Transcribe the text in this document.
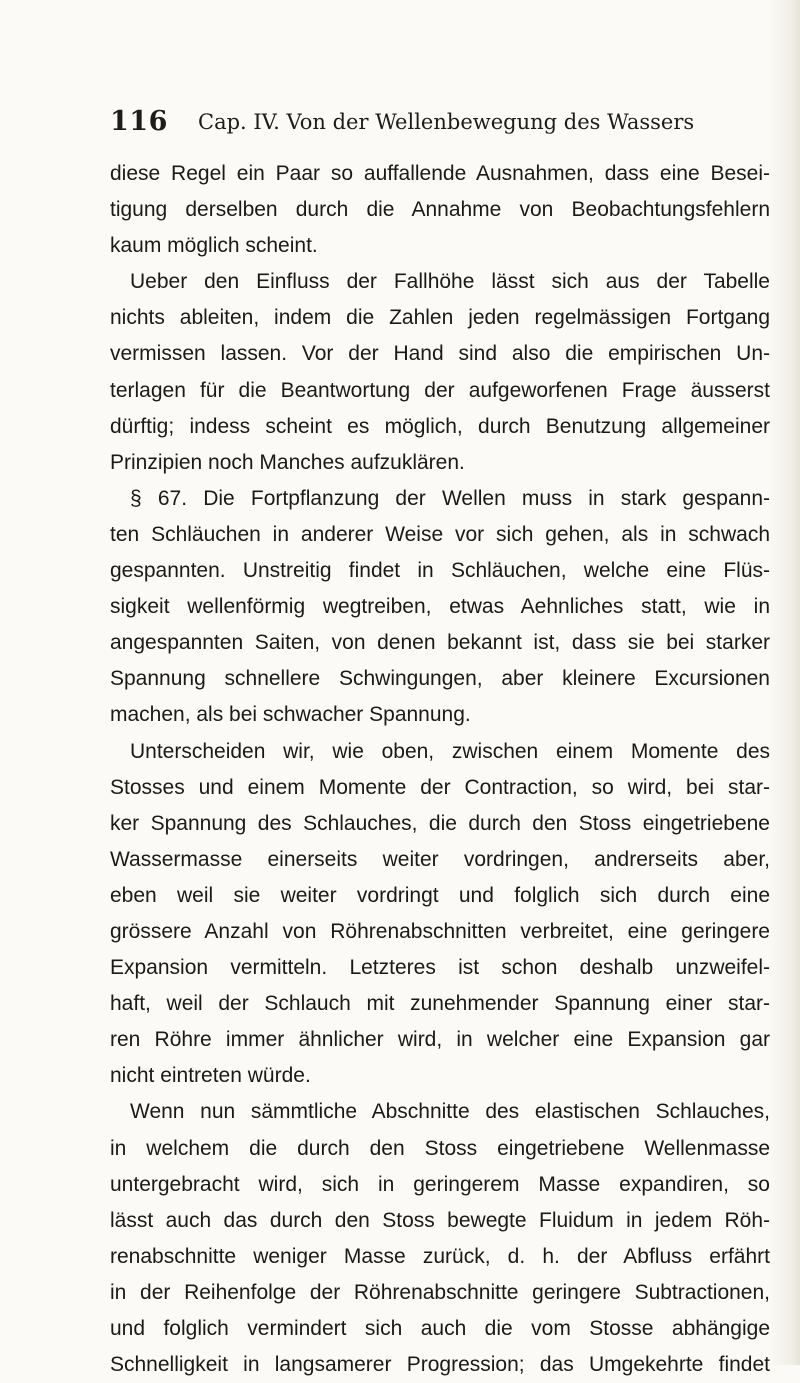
116 Cap. IV. Von der Wellenbewegung des Wassers
diese Regel ein Paar so auffallende Ausnahmen, dass eine Besei-
tigung derselben durch die Annahme von Beobachtungsfehlern
kaum möglich scheint.
Ueber den Einfluss der Fallhöhe lässt sich aus der Tabelle
nichts ableiten, indem die Zahlen jeden regelmässigen Fortgang
vermissen lassen. Vor der Hand sind also die empirischen Un-
terlagen für die Beantwortung der aufgeworfenen Frage äusserst
dürftig; indess scheint es möglich, durch Benutzung allgemeiner
Prinzipien noch Manches aufzuklären.
§ 67. Die Fortpflanzung der Wellen muss in stark gespann-
ten Schläuchen in anderer Weise vor sich gehen, als in schwach
gespannten. Unstreitig findet in Schläuchen, welche eine Flüs-
sigkeit wellenförmig wegtreiben, etwas Aehnliches statt, wie in
angespannten Saiten, von denen bekannt ist, dass sie bei starker
Spannung schnellere Schwingungen, aber kleinere Excursionen
machen, als bei schwacher Spannung.
Unterscheiden wir, wie oben, zwischen einem Momente des
Stosses und einem Momente der Contraction, so wird, bei star-
ker Spannung des Schlauches, die durch den Stoss eingetriebene
Wassermasse einerseits weiter vordringen, andrerseits aber,
eben weil sie weiter vordringt und folglich sich durch eine
grössere Anzahl von Röhrenabschnitten verbreitet, eine geringere
Expansion vermitteln. Letzteres ist schon deshalb unzweifel-
haft, weil der Schlauch mit zunehmender Spannung einer star-
ren Röhre immer ähnlicher wird, in welcher eine Expansion gar
nicht eintreten würde.
Wenn nun sämmtliche Abschnitte des elastischen Schlauches,
in welchem die durch den Stoss eingetriebene Wellenmasse
untergebracht wird, sich in geringerem Masse expandiren, so
lässt auch das durch den Stoss bewegte Fluidum in jedem Röh-
renabschnitte weniger Masse zurück, d. h. der Abfluss erfährt
in der Reihenfolge der Röhrenabschnitte geringere Subtractionen,
und folglich vermindert sich auch die vom Stosse abhängige
Schnelligkeit in langsamerer Progression; das Umgekehrte findet
